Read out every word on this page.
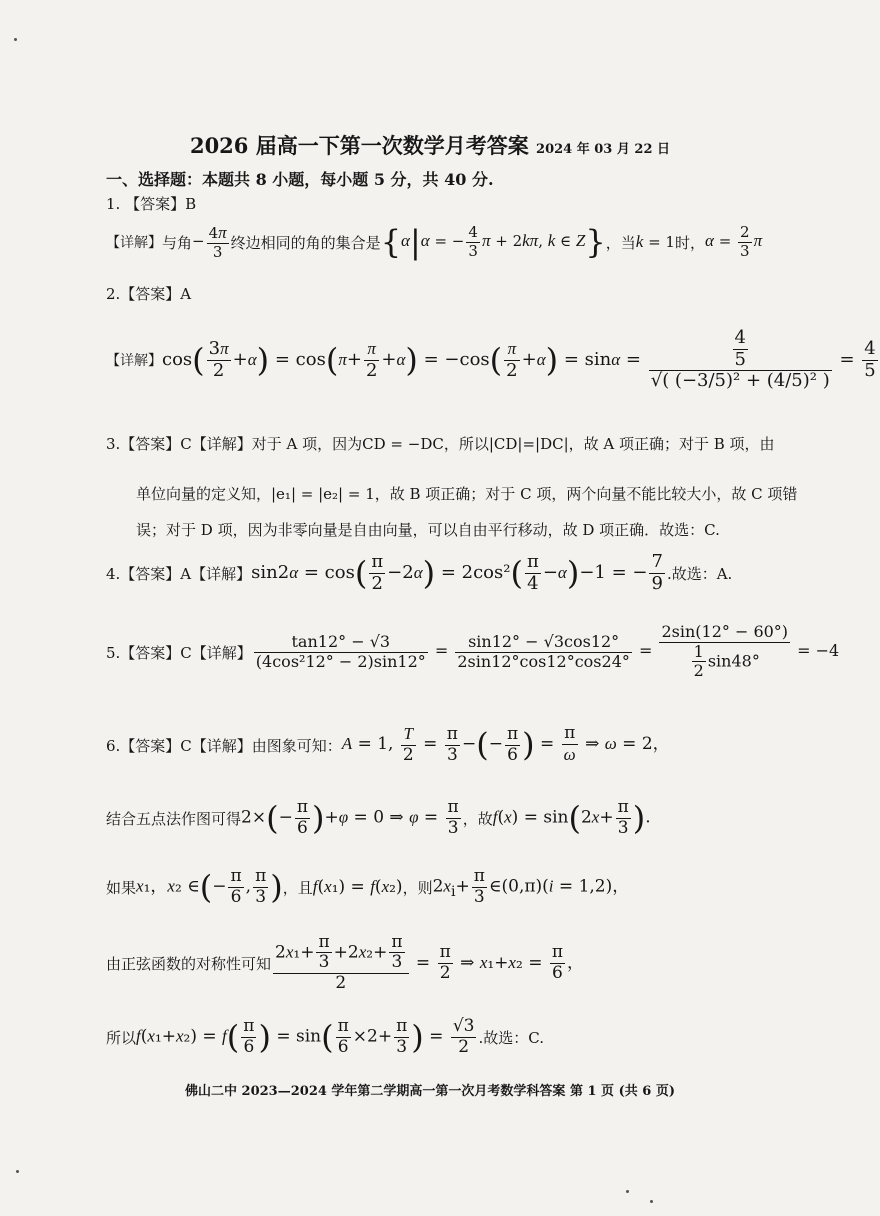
2026 届高一下第一次数学月考答案 2024 年 03 月 22 日
一、选择题：本题共 8 小题，每小题 5 分，共 40 分.
1. 【答案】B
【详解】 与角 − $\frac{4\pi}{3}$ 终边相同的角的集合是 {α|α = − $\frac{4}{3}$ π + 2kπ, k ∈ Z} ，当 k = 1 时， $\alpha = \frac{2}{3}$ π
2.【答案】A
【详解】 $\cos( \frac{3\pi}{2} +\alpha) = \cos(\pi+ \frac{\pi}{2} +\alpha) = -\cos( \frac{\pi}{2} +\alpha) = \sin\alpha = \frac{\frac{4}{5}}{\text{√( (−3/5)² + (4/5)² )}} = \frac{4}{5}$
3.【答案】C【详解】对于 A 项，因为CD = −DC，所以|CD|=|DC|，故 A 项正确；对于 B 项，由
单位向量的定义知，|e₁| = |e₂| = 1，故 B 项正确；对于 C 项，两个向量不能比较大小，故 C 项错
误；对于 D 项，因为非零向量是自由向量，可以自由平行移动，故 D 项正确．故选：C.
4.【答案】A【详解】 $\sin 2\alpha = \cos( \frac{\pi}{2} -2\alpha) = 2\cos^2( \frac{\pi}{4} -\alpha)-1$ = − $\frac{7}{9}$ .故选：A.
5.【答案】C【详解】 $\frac{\tan 12^\circ - √3}{\text{(4cos²12° − 2)sin12°}} = \frac{\sin 12^\circ - √3\cos 12^\circ}{2\sin 12^\circ\cos 12^\circ\cos 24^\circ} = \frac{2\sin(12^\circ - 60^\circ)}{\frac{1}{2} \sin 48^\circ} = -4$
6.【答案】C【详解】由图象可知： A = 1, $\frac{T}{2} = \frac{\pi}{3}$ −(− $\frac{\pi}{6}$ ) = $\frac{\pi}{\omega}$ ⇒ ω = 2，
结合五点法作图可得 $2\times(- \frac{\pi}{6} )+\varphi = 0$ ⇒ $\varphi = \frac{\pi}{3}$ ，故 $f(x) = \sin(2x+ \frac{\pi}{3}$ ).
如果 x₁，x₂ ∈(− $\frac{\pi}{6}$ , $\frac{\pi}{3}$ ) ，且 f(x₁) = f(x₂) ，则 $2x_i+ \frac{\pi}{3}$ ∈(0,π)(i = 1,2)，
由正弦函数的对称性可知 $\frac{2x_1+ \frac{\pi}{3} +2x_2+ \frac{\pi}{3}}{2} = \frac{\pi}{2}$ ⇒ $x_1+x_2 = \frac{\pi}{6}$ ，
所以 $f(x_1+x_2) = f( \frac{\pi}{6}$ ) = $\sin( \frac{\pi}{6} \times 2+ \frac{\pi}{3}$ ) = $\frac{√3}{2}$ .故选：C.
佛山二中 2023—2024 学年第二学期高一第一次月考数学科答案 第 1 页 (共 6 页)
